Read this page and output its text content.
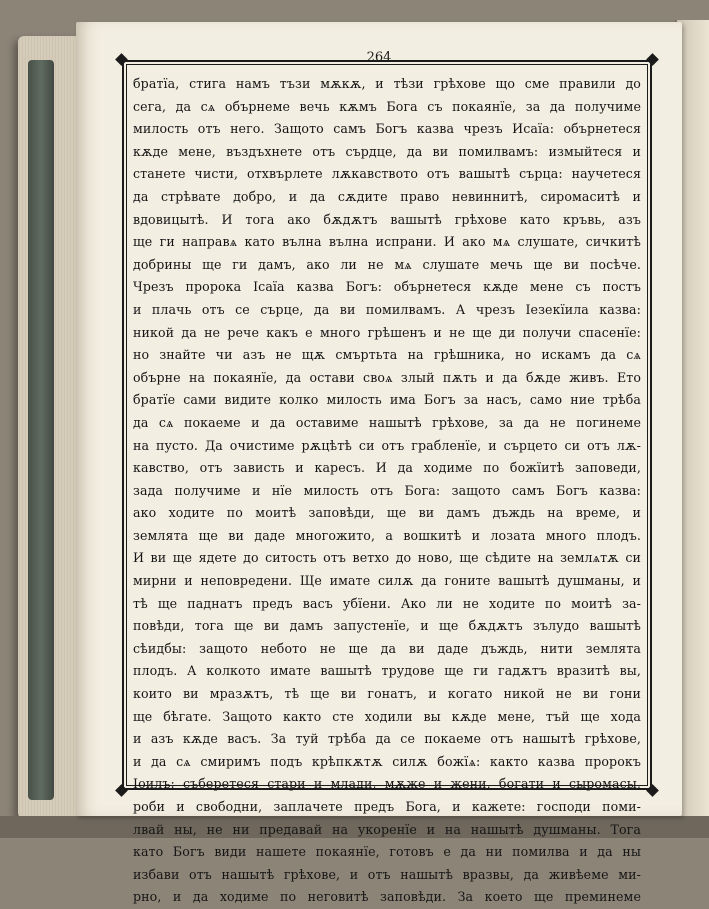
264
братїа, стига намъ тъзи мѫкѫ, и тѣзи грѣхове що сме правили до
сега, да сѧ обърнеме вечь кѫмъ Бога съ покаянїе, за да получиме
милость отъ него. Защото самъ Богъ казва чрезъ Исаїа: обърнетеся
кѫде мене, въздъхнете отъ сърдце, да ви помилвамъ: измыйтеся и
станете чисти, отхвърлете лѫкавството отъ вашытѣ сърца: научетеся
да стрѣвате добро, и да сѫдите право невиннитѣ, сиромаситѣ и
вдовицытѣ. И тога ако бѫдѫтъ вашытѣ грѣхове като кръвь, азъ
ще ги направѧ като вълна вълна испрани. И ако мѧ слушате, сичкитѣ
добрины ще ги дамъ, ако ли не мѧ слушате мечь ще ви посѣче.
Чрезъ пророка Ісаїа казва Богъ: обърнетеся кѫде мене съ постъ
и плачь отъ се сърце, да ви помилвамъ. А чрезъ Іезекїила казва:
никой да не рече какъ е много грѣшенъ и не ще ди получи спасенїе:
но знайте чи азъ не щѫ смъртьта на грѣшника, но искамъ да сѧ
обърне на покаянїе, да остави своѧ злый пѫть и да бѫде живъ. Ето
братїе сами видите колко милость има Богъ за насъ, само ние трѣба
да сѧ покаеме и да оставиме нашытѣ грѣхове, за да не погинеме
на пусто. Да очистиме рѫцѣтѣ си отъ грабленїе, и сърцето си отъ лѫ-
кавство, отъ зависть и каресъ. И да ходиме по божїитѣ заповеди,
зада получиме и нїе милость отъ Бога: защото самъ Богъ казва:
ако ходите по моитѣ заповѣди, ще ви дамъ дъждь на време, и
землята ще ви даде многожито, а вошкитѣ и лозата много плодъ.
И ви ще ядете до ситость отъ ветхо до ново, ще сѣдите на землѧтѫ си
мирни и неповредени. Ще имате силѫ да гоните вашытѣ душманы, и
тѣ ще паднатъ предъ васъ убїени. Ако ли не ходите по моитѣ за-
повѣди, тога ще ви дамъ запустенїе, и ще бѫдѫтъ зълудо вашытѣ
сѣидбы: защото небото не ще да ви даде дъждь, нити землята
плодъ. А колкото имате вашытѣ трудове ще ги гадѫтъ вразитѣ вы,
които ви мразѫтъ, тѣ ще ви гонатъ, и когато никой не ви гони
ще бѣгате. Защото както сте ходили вы кѫде мене, тъй ще хода
и азъ кѫде васъ. За туй трѣба да се покаеме отъ нашытѣ грѣхове,
и да сѧ смиримъ подъ крѣпкѫтѫ силѫ божїѧ: както казва пророкъ
Іоилъ: съберетеся стари и млади, мѫже и жени, богати и сыромасы,
роби и свободни, заплачете предъ Бога, и кажете: господи поми-
лвай ны, не ни предавай на укоренїе и на нашытѣ душманы. Тога
като Богъ види нашете покаянїе, готовъ е да ни помилва и да ны
избави отъ нашытѣ грѣхове, и отъ нашытѣ вразвы, да живѣеме ми-
рно, и да ходиме по неговитѣ заповѣди. За което ще преминеме
